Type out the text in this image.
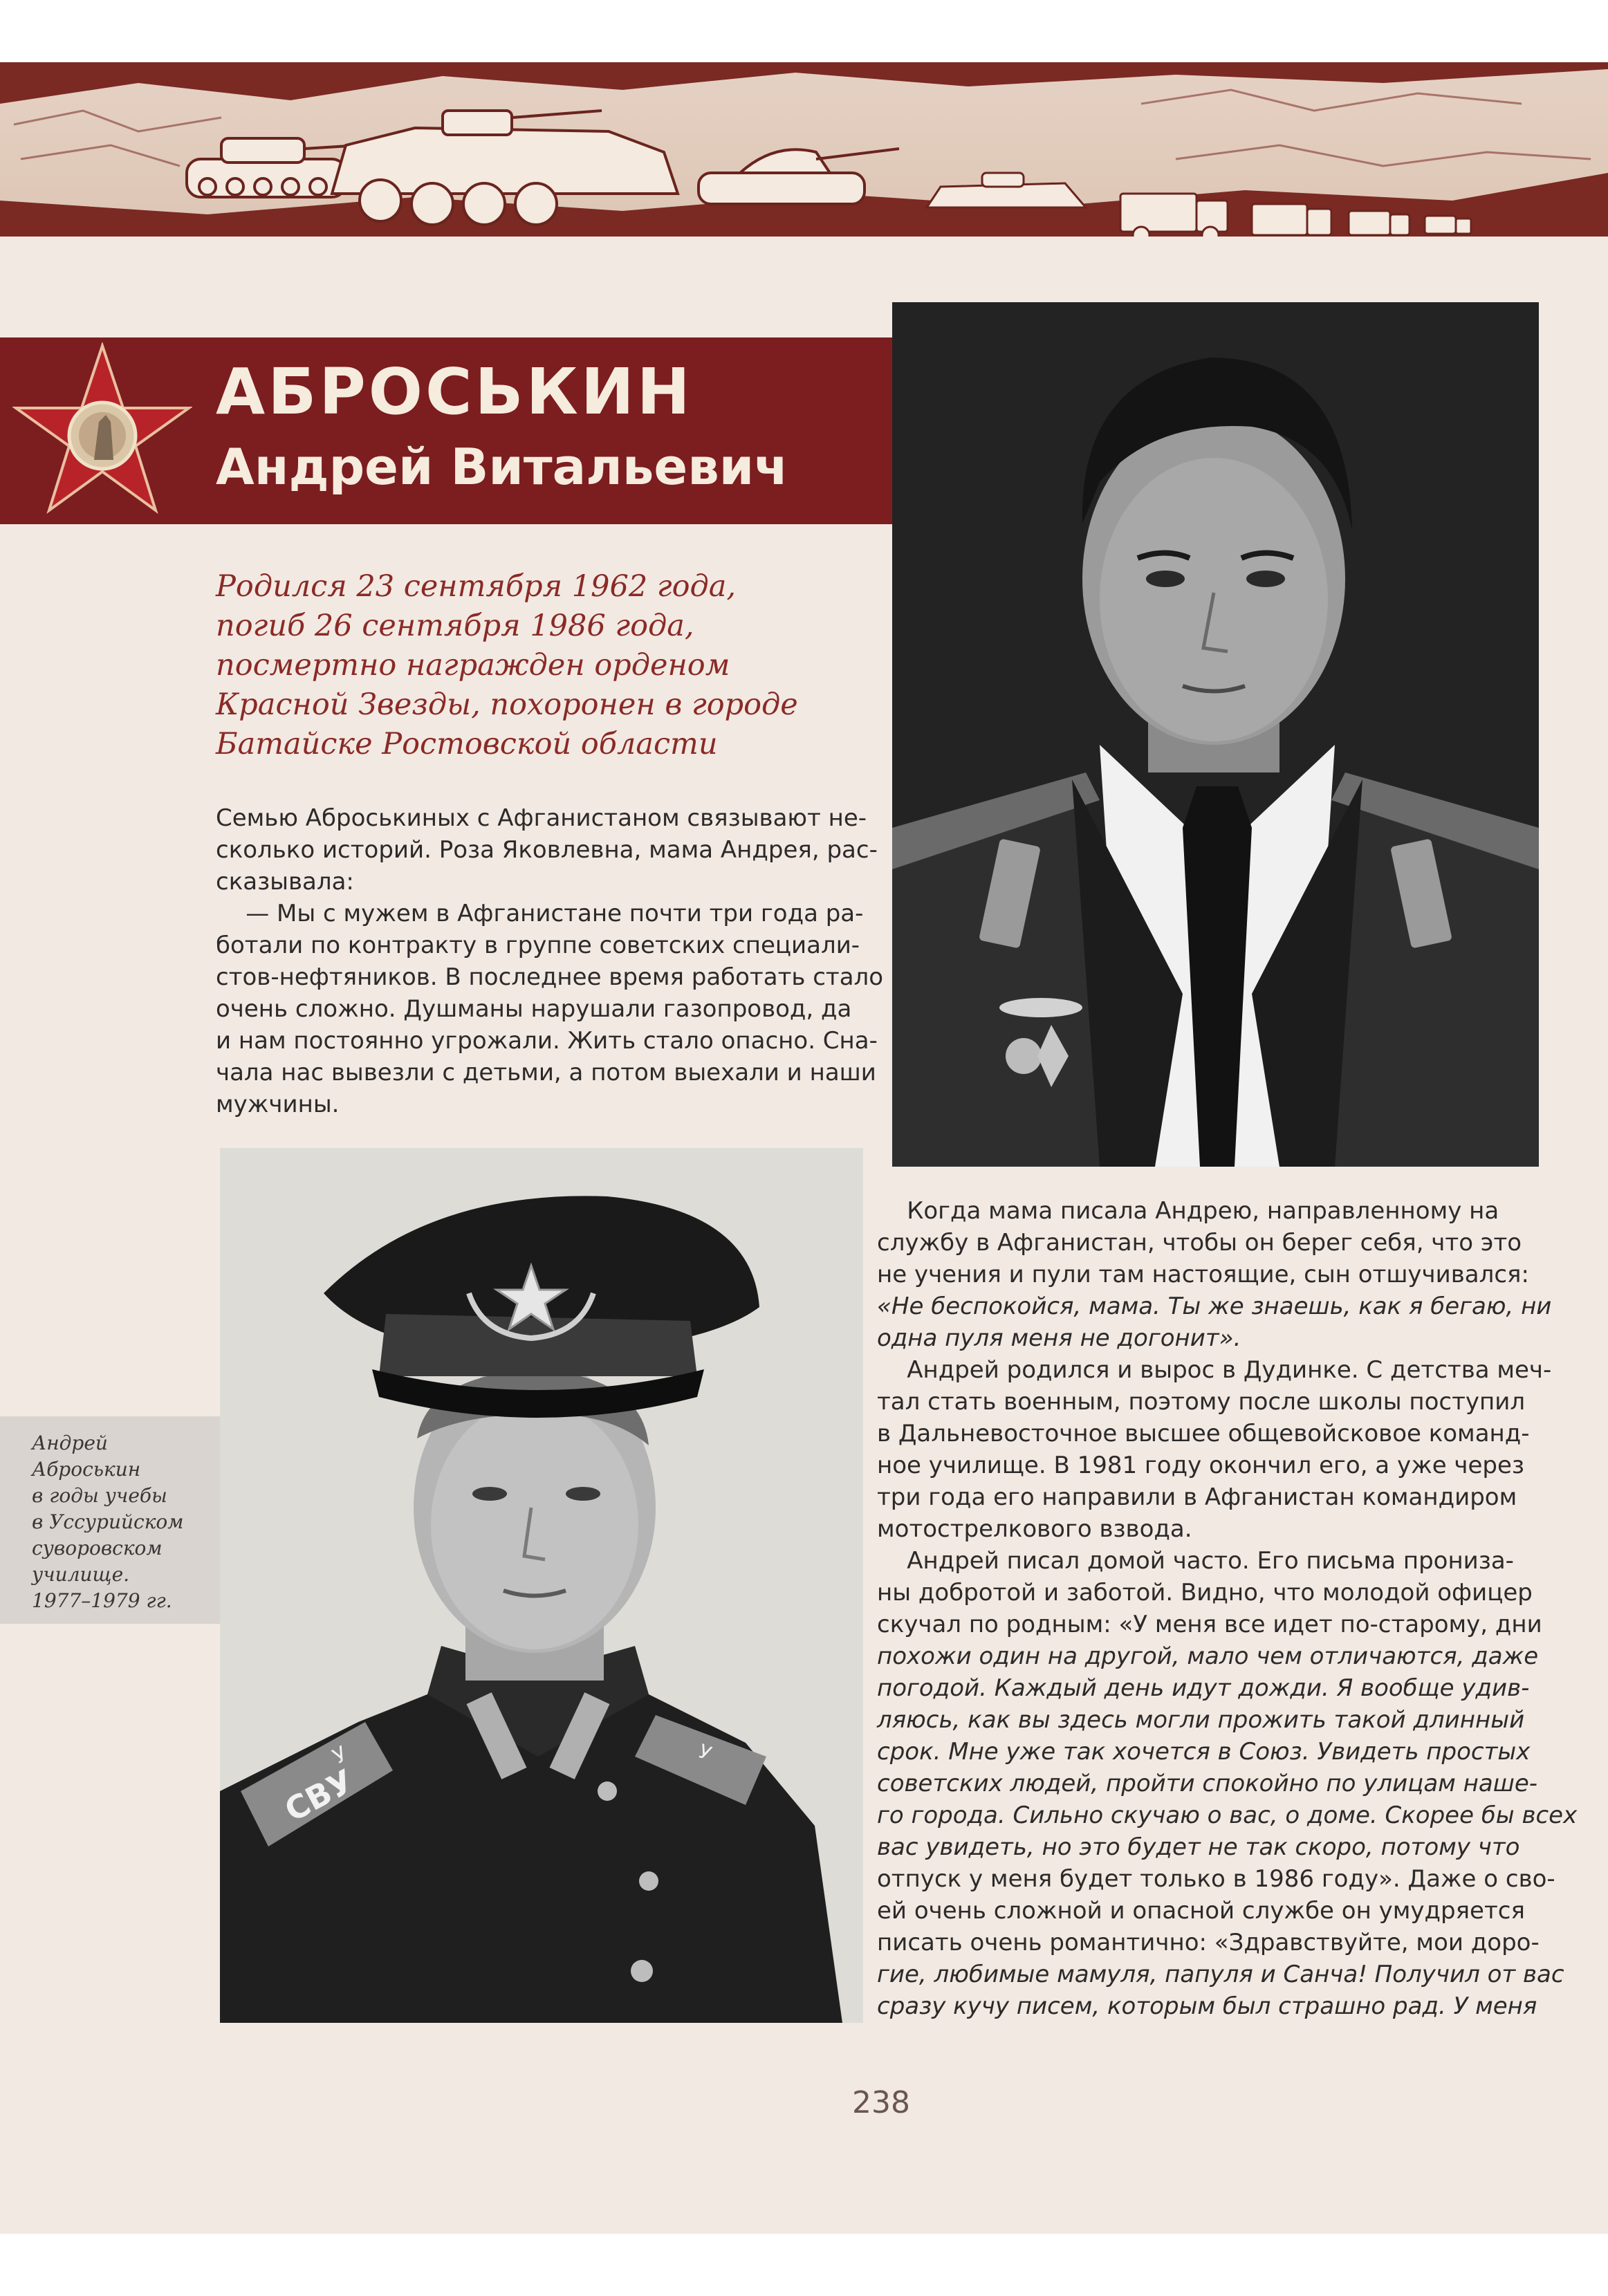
АБРОСЬКИН
Андрей Витальевич

Родился 23 сентября 1962 года,

погиб 26 сентября 1986 года,

посмертно награжден орденом

Красной Звезды, похоронен в городе

Батайске Ростовской области

Семью Аброськиных с Афганистаном связывают не-

сколько историй. Роза Яковлевна, мама Андрея, рас-

сказывала:

— Мы с мужем в Афганистане почти три года ра-

ботали по контракту в группе советских специали-

стов-нефтяников. В последнее время работать стало

очень сложно. Душманы нарушали газопровод, да

и нам постоянно угрожали. Жить стало опасно. Сна-

чала нас вывезли с детьми, а потом выехали и наши

мужчины.

СВУ
У	У

Андрей

Аброськин

в годы учебы

в Уссурийском

суворовском

училище.

1977–1979 гг.

Когда мама писала Андрею, направленному на

службу в Афганистан, чтобы он берег себя, что это

не учения и пули там настоящие, сын отшучивался:

«Не беспокойся, мама. Ты же знаешь, как я бегаю, ни

одна пуля меня не догонит».

Андрей родился и вырос в Дудинке. С детства меч-

тал стать военным, поэтому после школы поступил

в Дальневосточное высшее общевойсковое команд-

ное училище. В 1981 году окончил его, а уже через

три года его направили в Афганистан командиром

мотострелкового взвода.

Андрей писал домой часто. Его письма прониза-

ны добротой и заботой. Видно, что молодой офицер

скучал по родным: «У меня все идет по-старому, дни

похожи один на другой, мало чем отличаются, даже

погодой. Каждый день идут дожди. Я вообще удив-

ляюсь, как вы здесь могли прожить такой длинный

срок. Мне уже так хочется в Союз. Увидеть простых

советских людей, пройти спокойно по улицам наше-

го города. Сильно скучаю о вас, о доме. Скорее бы всех

вас увидеть, но это будет не так скоро, потому что

отпуск у меня будет только в 1986 году». Даже о сво-

ей очень сложной и опасной службе он умудряется

писать очень романтично: «Здравствуйте, мои доро-

гие, любимые мамуля, папуля и Санча! Получил от вас

сразу кучу писем, которым был страшно рад. У меня

238
